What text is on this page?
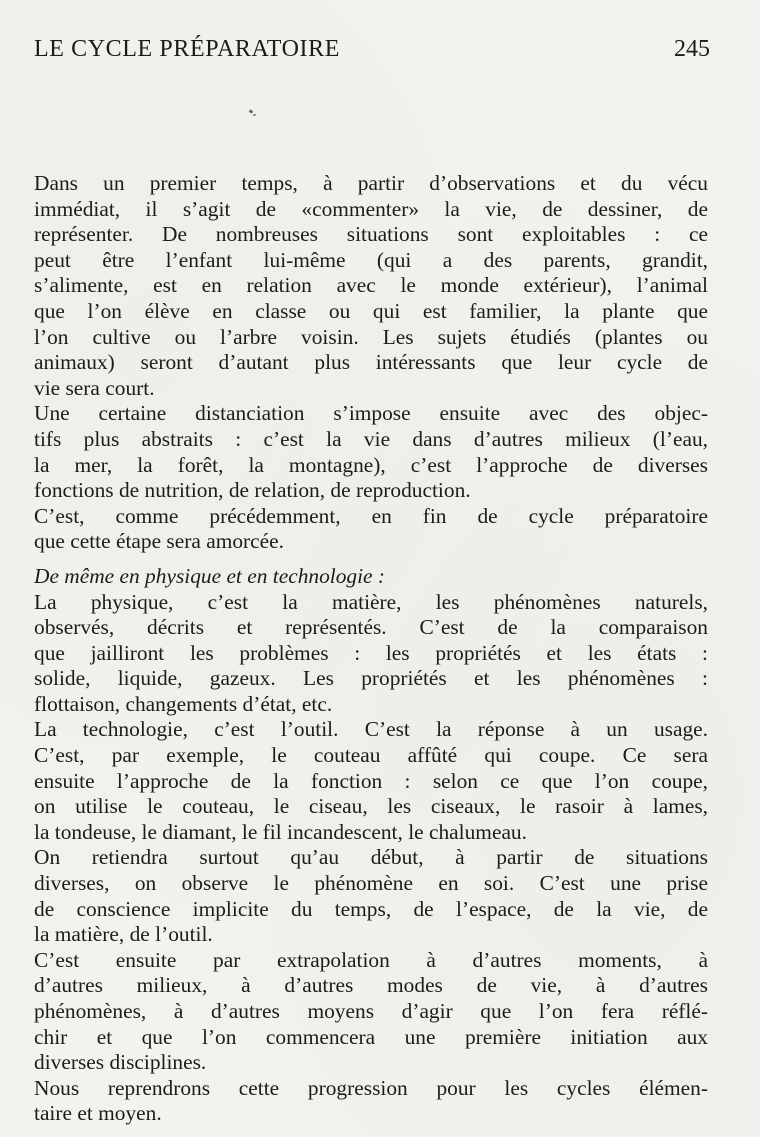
LE CYCLE PRÉPARATOIRE	245
Dans un premier temps, à partir d’observations et du vécu
immédiat, il s’agit de «commenter» la vie, de dessiner, de
représenter. De nombreuses situations sont exploitables : ce
peut être l’enfant lui-même (qui a des parents, grandit,
s’alimente, est en relation avec le monde extérieur), l’animal
que l’on élève en classe ou qui est familier, la plante que
l’on cultive ou l’arbre voisin. Les sujets étudiés (plantes ou
animaux) seront d’autant plus intéressants que leur cycle de
vie sera court.
Une certaine distanciation s’impose ensuite avec des objec-
tifs plus abstraits : c’est la vie dans d’autres milieux (l’eau,
la mer, la forêt, la montagne), c’est l’approche de diverses
fonctions de nutrition, de relation, de reproduction.
C’est, comme précédemment, en fin de cycle préparatoire
que cette étape sera amorcée.
De même en physique et en technologie :
La physique, c’est la matière, les phénomènes naturels,
observés, décrits et représentés. C’est de la comparaison
que jailliront les problèmes : les propriétés et les états :
solide, liquide, gazeux. Les propriétés et les phénomènes :
flottaison, changements d’état, etc.
La technologie, c’est l’outil. C’est la réponse à un usage.
C’est, par exemple, le couteau affûté qui coupe. Ce sera
ensuite l’approche de la fonction : selon ce que l’on coupe,
on utilise le couteau, le ciseau, les ciseaux, le rasoir à lames,
la tondeuse, le diamant, le fil incandescent, le chalumeau.
On retiendra surtout qu’au début, à partir de situations
diverses, on observe le phénomène en soi. C’est une prise
de conscience implicite du temps, de l’espace, de la vie, de
la matière, de l’outil.
C’est ensuite par extrapolation à d’autres moments, à
d’autres milieux, à d’autres modes de vie, à d’autres
phénomènes, à d’autres moyens d’agir que l’on fera réflé-
chir et que l’on commencera une première initiation aux
diverses disciplines.
Nous reprendrons cette progression pour les cycles élémen-
taire et moyen.
